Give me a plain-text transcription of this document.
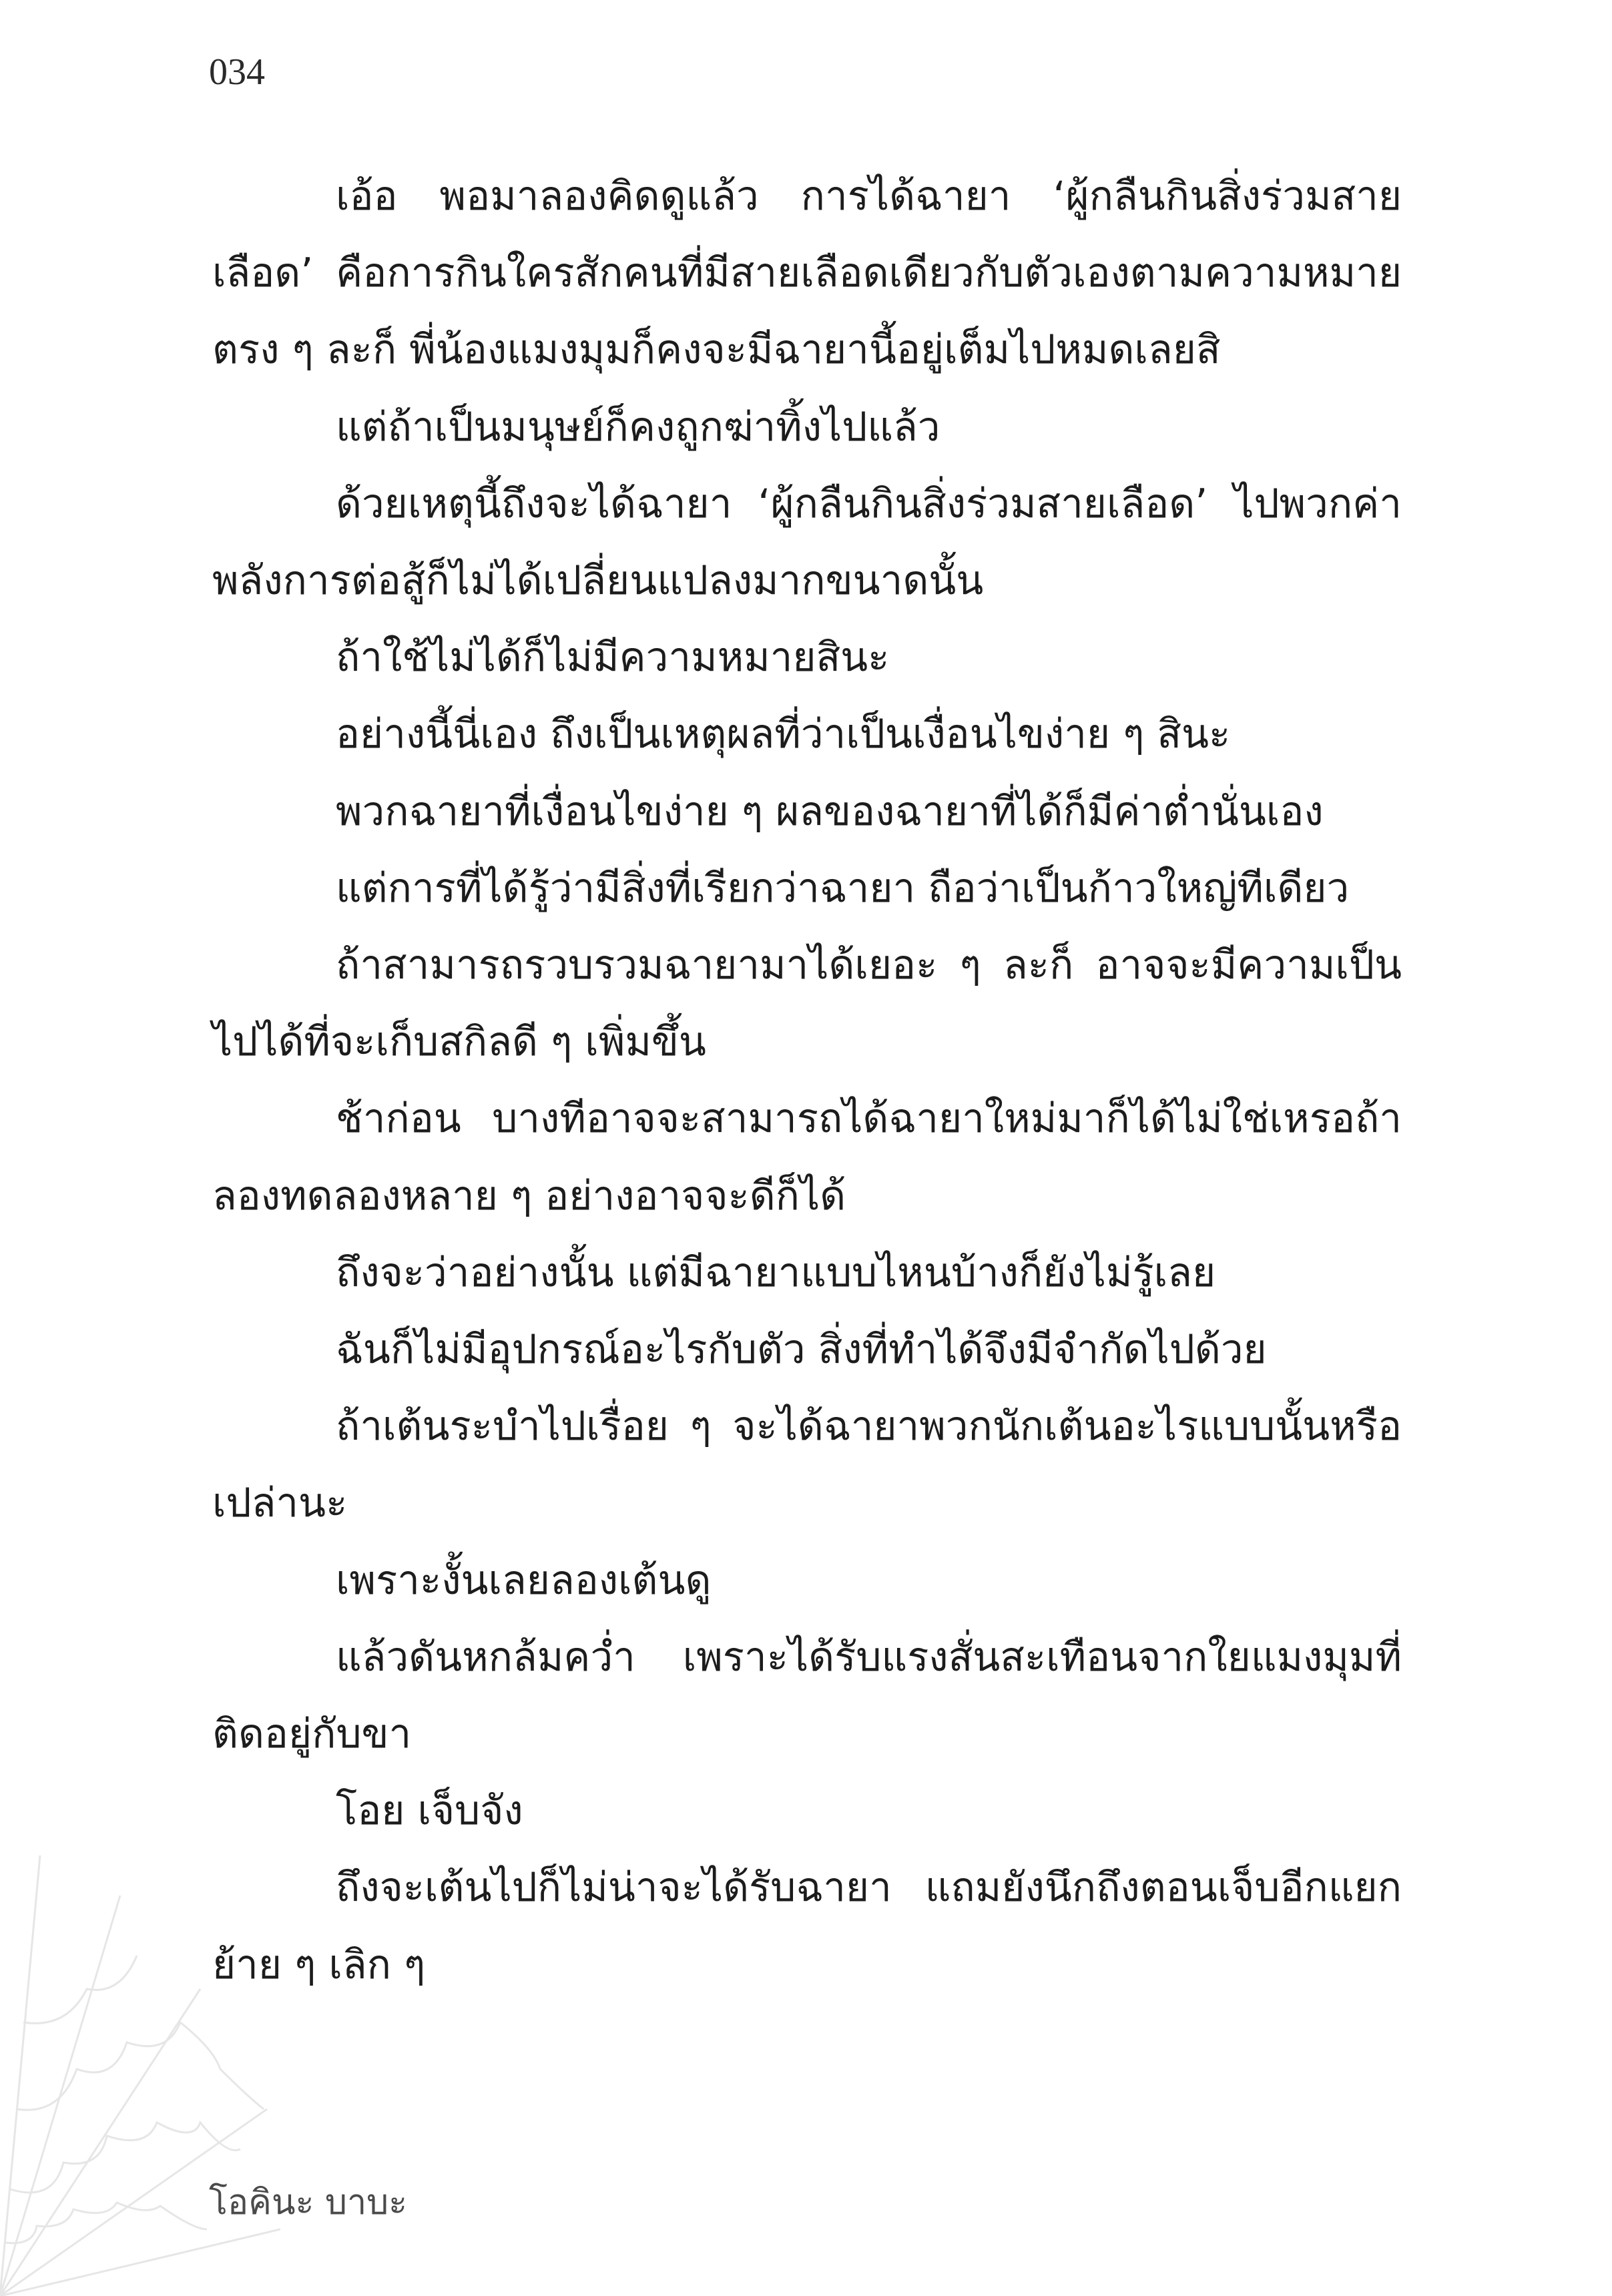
034

เอ้อ พอมาลองคิดดูแล้ว การได้ฉายา ‘ผู้กลืนกินสิ่งร่วมสายเลือด’ คือการกินใครสักคนที่มีสายเลือดเดียวกับตัวเองตามความหมายตรง ๆ ละก็ พี่น้องแมงมุมก็คงจะมีฉายานี้อยู่เต็มไปหมดเลยสิ

แต่ถ้าเป็นมนุษย์ก็คงถูกฆ่าทิ้งไปแล้ว

ด้วยเหตุนี้ถึงจะได้ฉายา ‘ผู้กลืนกินสิ่งร่วมสายเลือด’ ไปพวกค่าพลังการต่อสู้ก็ไม่ได้เปลี่ยนแปลงมากขนาดนั้น

ถ้าใช้ไม่ได้ก็ไม่มีความหมายสินะ

อย่างนี้นี่เอง ถึงเป็นเหตุผลที่ว่าเป็นเงื่อนไขง่าย ๆ สินะ

พวกฉายาที่เงื่อนไขง่าย ๆ ผลของฉายาที่ได้ก็มีค่าต่ำนั่นเอง

แต่การที่ได้รู้ว่ามีสิ่งที่เรียกว่าฉายา ถือว่าเป็นก้าวใหญ่ทีเดียว

ถ้าสามารถรวบรวมฉายามาได้เยอะ ๆ ละก็ อาจจะมีความเป็นไปได้ที่จะเก็บสกิลดี ๆ เพิ่มขึ้น

ช้าก่อน บางทีอาจจะสามารถได้ฉายาใหม่มาก็ได้ไม่ใช่เหรอถ้าลองทดลองหลาย ๆ อย่างอาจจะดีก็ได้

ถึงจะว่าอย่างนั้น แต่มีฉายาแบบไหนบ้างก็ยังไม่รู้เลย

ฉันก็ไม่มีอุปกรณ์อะไรกับตัว สิ่งที่ทำได้จึงมีจำกัดไปด้วย

ถ้าเต้นระบำไปเรื่อย ๆ จะได้ฉายาพวกนักเต้นอะไรแบบนั้นหรือเปล่านะ

เพราะงั้นเลยลองเต้นดู

แล้วดันหกล้มคว่ำ เพราะได้รับแรงสั่นสะเทือนจากใยแมงมุมที่ติดอยู่กับขา

โอย เจ็บจัง

ถึงจะเต้นไปก็ไม่น่าจะได้รับฉายา แถมยังนึกถึงตอนเจ็บอีกแยกย้าย ๆ เลิก ๆ

โอคินะ บาบะ
